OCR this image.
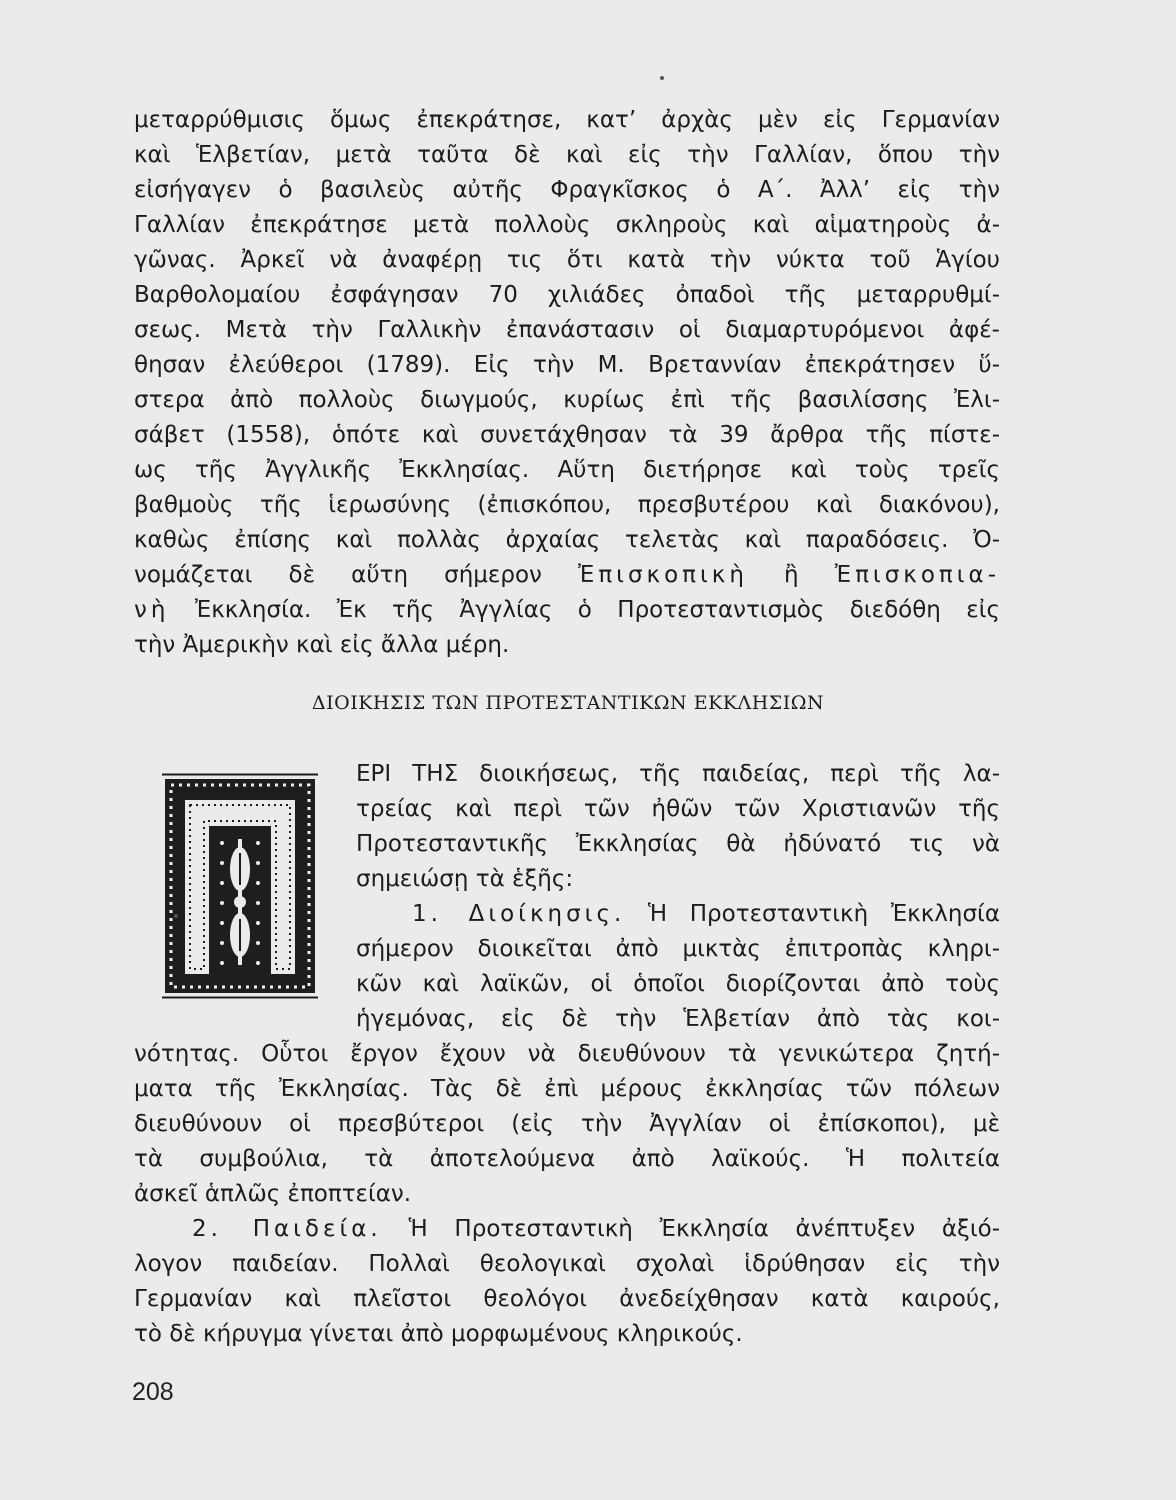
μεταρρύθμισις ὅμως ἐπεκράτησε, κατ’ ἀρχὰς μὲν εἰς Γερμανίαν
καὶ Ἑλβετίαν, μετὰ ταῦτα δὲ καὶ εἰς τὴν Γαλλίαν, ὅπου τὴν
εἰσήγαγεν ὁ βασιλεὺς αὐτῆς Φραγκῖσκος ὁ Α΄. Ἀλλ’ εἰς τὴν
Γαλλίαν ἐπεκράτησε μετὰ πολλοὺς σκληροὺς καὶ αἱματηροὺς ἀ-
γῶνας. Ἀρκεῖ νὰ ἀναφέρῃ τις ὅτι κατὰ τὴν νύκτα τοῦ Ἁγίου
Βαρθολομαίου ἐσφάγησαν 70 χιλιάδες ὀπαδοὶ τῆς μεταρρυθμί-
σεως. Μετὰ τὴν Γαλλικὴν ἐπανάστασιν οἱ διαμαρτυρόμενοι ἀφέ-
θησαν ἐλεύθεροι (1789). Εἰς τὴν Μ. Βρεταννίαν ἐπεκράτησεν ὕ-
στερα ἀπὸ πολλοὺς διωγμούς, κυρίως ἐπὶ τῆς βασιλίσσης Ἐλι-
σάβετ (1558), ὁπότε καὶ συνετάχθησαν τὰ 39 ἄρθρα τῆς πίστε-
ως τῆς Ἀγγλικῆς Ἐκκλησίας. Αὕτη διετήρησε καὶ τοὺς τρεῖς
βαθμοὺς τῆς ἱερωσύνης (ἐπισκόπου, πρεσβυτέρου καὶ διακόνου),
καθὼς ἐπίσης καὶ πολλὰς ἀρχαίας τελετὰς καὶ παραδόσεις. Ὀ-
νομάζεται δὲ αὕτη σήμερον Ἐπισκοπικὴ ἢ Ἐπισκοπια-
νὴ Ἐκκλησία. Ἐκ τῆς Ἀγγλίας ὁ Προτεσταντισμὸς διεδόθη εἰς
τὴν Ἀμερικὴν καὶ εἰς ἄλλα μέρη.
ΔΙΟΙΚΗΣΙΣ ΤΩΝ ΠΡΟΤΕΣΤΑΝΤΙΚΩΝ ΕΚΚΛΗΣΙΩΝ
ΕΡΙ ΤΗΣ διοικήσεως, τῆς παιδείας, περὶ τῆς λα-
τρείας καὶ περὶ τῶν ἠθῶν τῶν Χριστιανῶν τῆς
Προτεσταντικῆς Ἐκκλησίας θὰ ἠδύνατό τις νὰ
σημειώσῃ τὰ ἑξῆς:
1. Διοίκησις. Ἡ Προτεσταντικὴ Ἐκκλησία
σήμερον διοικεῖται ἀπὸ μικτὰς ἐπιτροπὰς κληρι-
κῶν καὶ λαϊκῶν, οἱ ὁποῖοι διορίζονται ἀπὸ τοὺς
ἡγεμόνας, εἰς δὲ τὴν Ἑλβετίαν ἀπὸ τὰς κοι-
νότητας. Οὗτοι ἔργον ἔχουν νὰ διευθύνουν τὰ γενικώτερα ζητή-
ματα τῆς Ἐκκλησίας. Τὰς δὲ ἐπὶ μέρους ἐκκλησίας τῶν πόλεων
διευθύνουν οἱ πρεσβύτεροι (εἰς τὴν Ἀγγλίαν οἱ ἐπίσκοποι), μὲ
τὰ συμβούλια, τὰ ἀποτελούμενα ἀπὸ λαϊκούς. Ἡ πολιτεία
ἀσκεῖ ἁπλῶς ἐποπτείαν.
2. Παιδεία. Ἡ Προτεσταντικὴ Ἐκκλησία ἀνέπτυξεν ἀξιό-
λογον παιδείαν. Πολλαὶ θεολογικαὶ σχολαὶ ἱδρύθησαν εἰς τὴν
Γερμανίαν καὶ πλεῖστοι θεολόγοι ἀνεδείχθησαν κατὰ καιρούς,
τὸ δὲ κήρυγμα γίνεται ἀπὸ μορφωμένους κληρικούς.
208
